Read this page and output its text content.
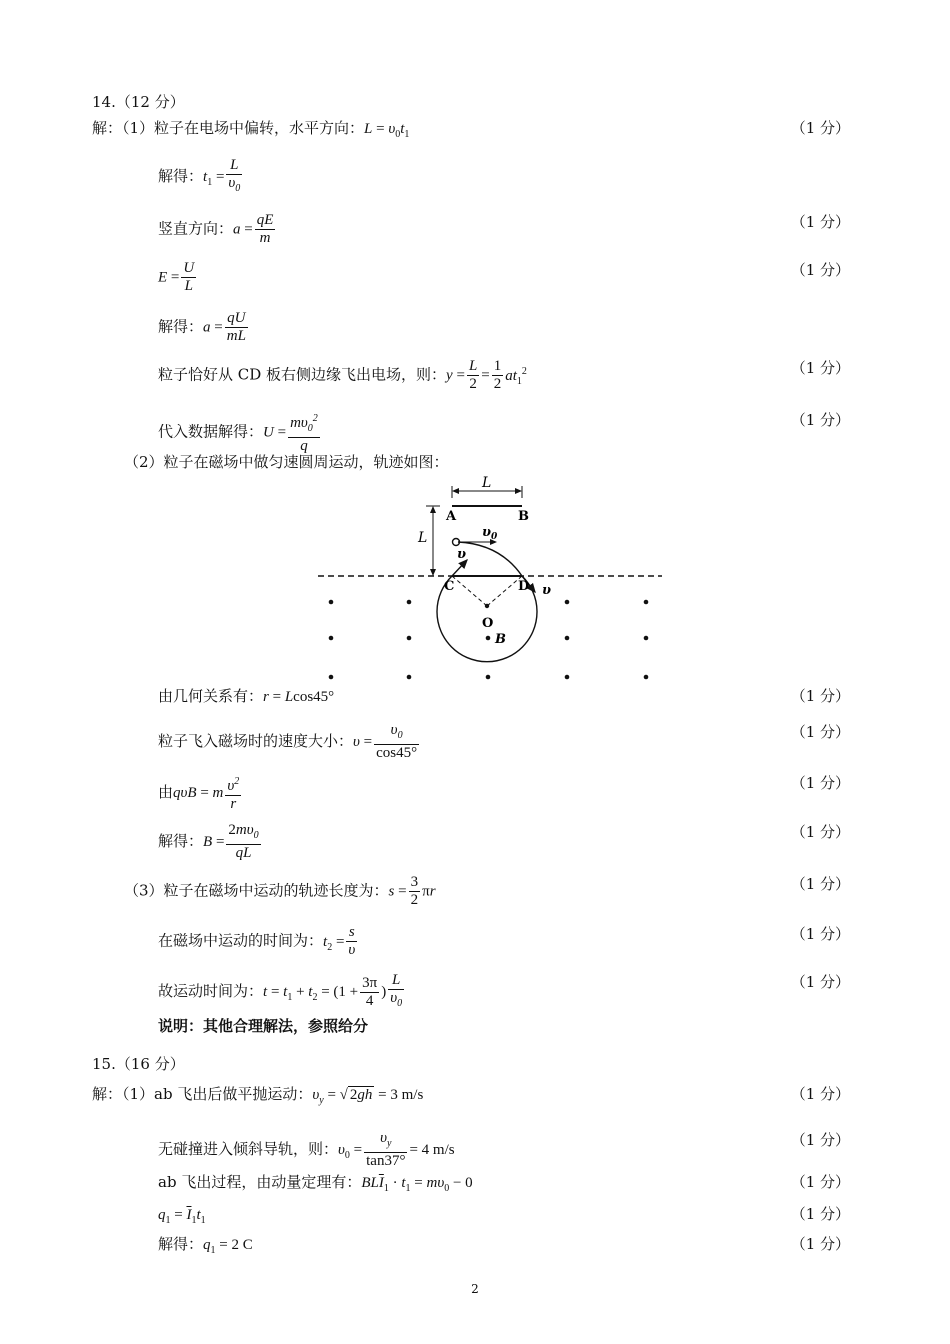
14.（12 分）
解：（1）粒子在电场中偏转，水平方向：$L = \upsilon_0t_1$	（1 分）
解得：$t_1 = \frac{L}{\upsilon_0}$
竖直方向：$a = \frac{qE}{m}$	（1 分）
$E = \frac{U}{L}$	（1 分）
解得：$a = \frac{qU}{mL}$
粒子恰好从 CD 板右侧边缘飞出电场，则：$y = \frac{L}{2} = \frac{1}{2} at_1^2$	（1 分）
代入数据解得：$U = \frac{m\upsilon_0^2}{q}$	（1 分）
（2）粒子在磁场中做匀速圆周运动，轨迹如图：
L
A	B
L	$\upsilon_0$
υ
υ
C	D
O
B
由几何关系有：r = Lcos45°	（1 分）
粒子飞入磁场时的速度大小：$\upsilon = \frac{\upsilon_0}{\cos 45^\circ}$	（1 分）
由qυB = m $\frac{\upsilon^2}{r}$	（1 分）
解得：$B = \frac{2m\upsilon_0}{qL}$	（1 分）
（3）粒子在磁场中运动的轨迹长度为：$s = \frac{3}{2}$ πr	（1 分）
在磁场中运动的时间为：$t_2 = \frac{s}{\upsilon}$	（1 分）
故运动时间为：$t = t_1 + t_2 = (1 + \frac{3\pi}{4}$ ) $\frac{L}{\upsilon_0}$	（1 分）
说明：其他合理解法，参照给分
15.（16 分）
解：（1）ab 飞出后做平抛运动：$\upsilon_y$ = √ 2gh = 3 m/s	（1 分）
无碰撞进入倾斜导轨，则：$\upsilon_0 = \frac{\upsilon_y}{\tan 37^\circ} = 4$ m/s
（1 分）
ab 飞出过程，由动量定理有：$BL\overline{I}_1 \cdot t_1 = m\upsilon_0 - 0$	（1 分）
$q_1 = \overline{I}_1t_1$	（1 分）
解得：$q_1 = 2$ C	（1 分）
2
